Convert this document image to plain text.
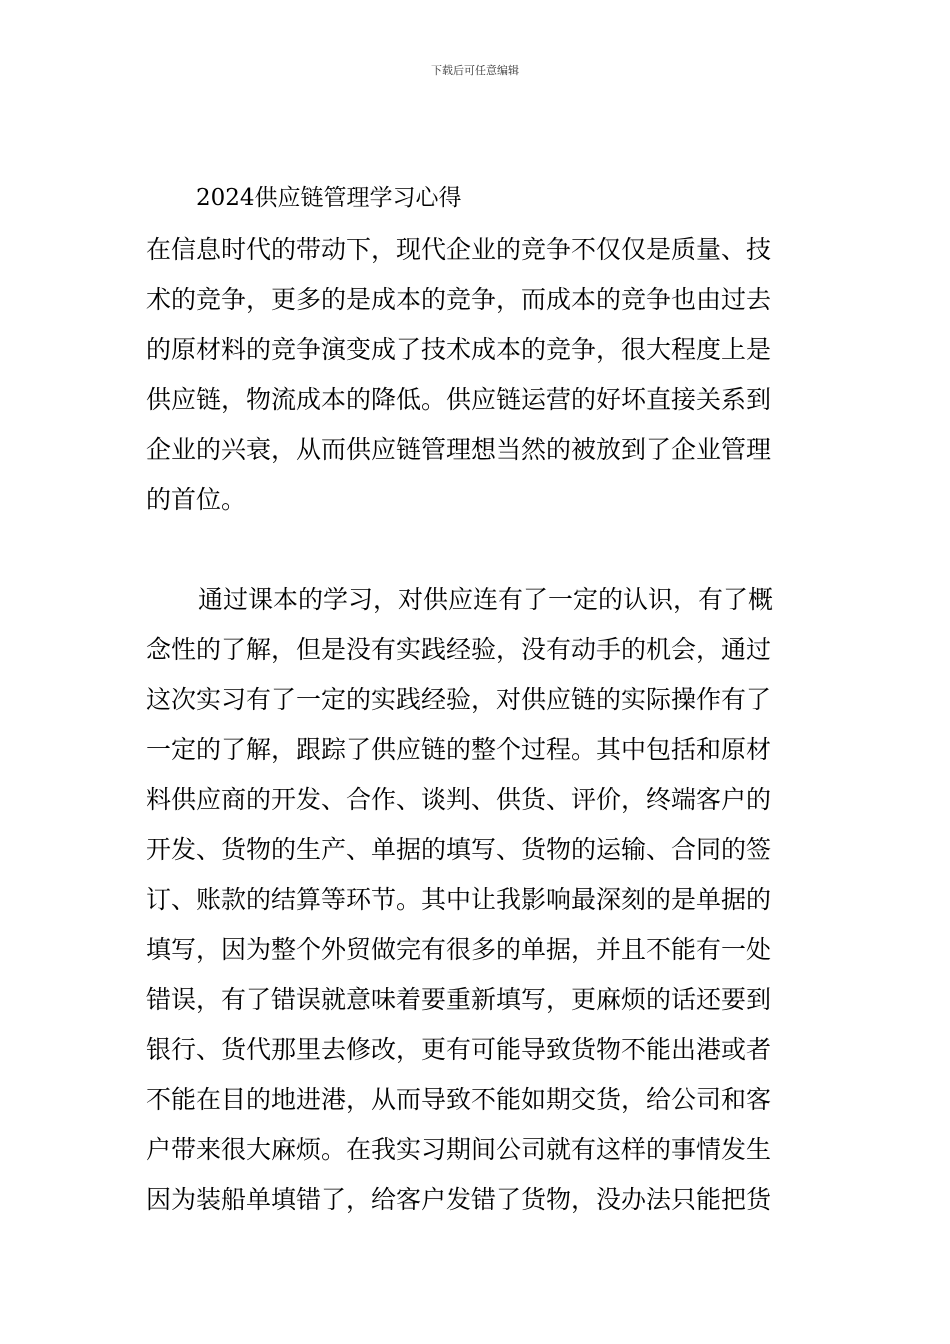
下载后可任意编辑
2024供应链管理学习心得
在信息时代的带动下，现代企业的竞争不仅仅是质量、技
术的竞争，更多的是成本的竞争，而成本的竞争也由过去
的原材料的竞争演变成了技术成本的竞争，很大程度上是
供应链，物流成本的降低。供应链运营的好坏直接关系到
企业的兴衰，从而供应链管理想当然的被放到了企业管理
的首位。
通过课本的学习，对供应连有了一定的认识，有了概
念性的了解，但是没有实践经验，没有动手的机会，通过
这次实习有了一定的实践经验，对供应链的实际操作有了
一定的了解，跟踪了供应链的整个过程。其中包括和原材
料供应商的开发、合作、谈判、供货、评价，终端客户的
开发、货物的生产、单据的填写、货物的运输、合同的签
订、账款的结算等环节。其中让我影响最深刻的是单据的
填写，因为整个外贸做完有很多的单据，并且不能有一处
错误，有了错误就意味着要重新填写，更麻烦的话还要到
银行、货代那里去修改，更有可能导致货物不能出港或者
不能在目的地进港，从而导致不能如期交货，给公司和客
户带来很大麻烦。在我实习期间公司就有这样的事情发生
因为装船单填错了，给客户发错了货物，没办法只能把货
